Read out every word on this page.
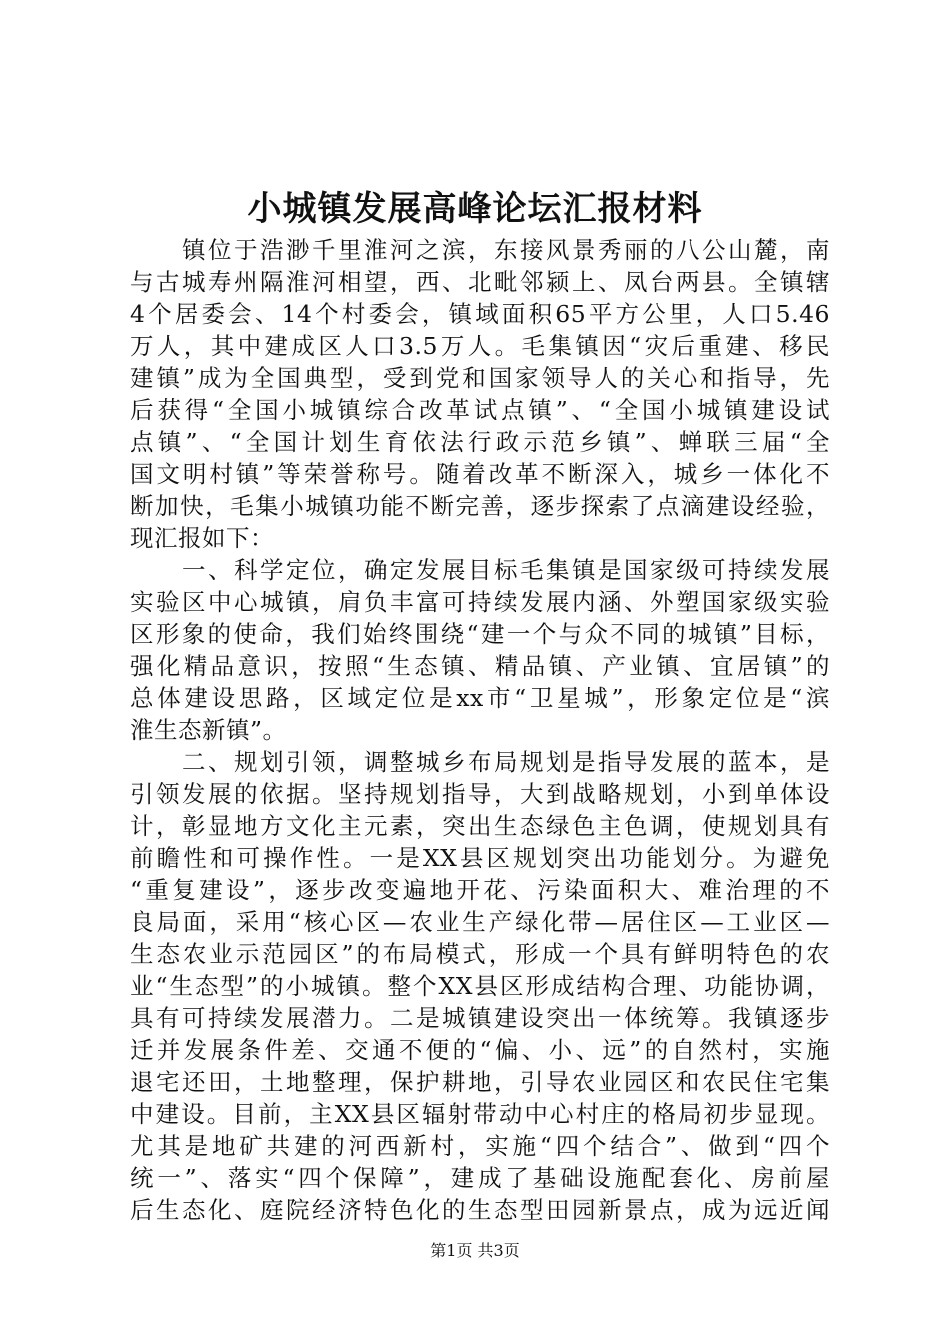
小城镇发展高峰论坛汇报材料
　　镇位于浩渺千里淮河之滨，东接风景秀丽的八公山麓，南
与古城寿州隔淮河相望，西、北毗邻颍上、凤台两县。全镇辖
4个居委会、14个村委会，镇域面积65平方公里，人口5.46
万人，其中建成区人口3.5万人。毛集镇因“灾后重建、移民
建镇”成为全国典型，受到党和国家领导人的关心和指导，先
后获得“全国小城镇综合改革试点镇”、“全国小城镇建设试
点镇”、“全国计划生育依法行政示范乡镇”、蝉联三届“全
国文明村镇”等荣誉称号。随着改革不断深入，城乡一体化不
断加快，毛集小城镇功能不断完善，逐步探索了点滴建设经验，
现汇报如下：
　　一、科学定位，确定发展目标毛集镇是国家级可持续发展
实验区中心城镇，肩负丰富可持续发展内涵、外塑国家级实验
区形象的使命，我们始终围绕“建一个与众不同的城镇”目标，
强化精品意识，按照“生态镇、精品镇、产业镇、宜居镇”的
总体建设思路，区域定位是xx市“卫星城”，形象定位是“滨
淮生态新镇”。
　　二、规划引领，调整城乡布局规划是指导发展的蓝本，是
引领发展的依据。坚持规划指导，大到战略规划，小到单体设
计，彰显地方文化主元素，突出生态绿色主色调，使规划具有
前瞻性和可操作性。一是XX县区规划突出功能划分。为避免
“重复建设”，逐步改变遍地开花、污染面积大、难治理的不
良局面，采用“核心区—农业生产绿化带—居住区—工业区—
生态农业示范园区”的布局模式，形成一个具有鲜明特色的农
业“生态型”的小城镇。整个XX县区形成结构合理、功能协调，
具有可持续发展潜力。二是城镇建设突出一体统筹。我镇逐步
迁并发展条件差、交通不便的“偏、小、远”的自然村，实施
退宅还田，土地整理，保护耕地，引导农业园区和农民住宅集
中建设。目前，主XX县区辐射带动中心村庄的格局初步显现。
尤其是地矿共建的河西新村，实施“四个结合”、做到“四个
统一”、落实“四个保障”，建成了基础设施配套化、房前屋
后生态化、庭院经济特色化的生态型田园新景点，成为远近闻
第1页 共3页
